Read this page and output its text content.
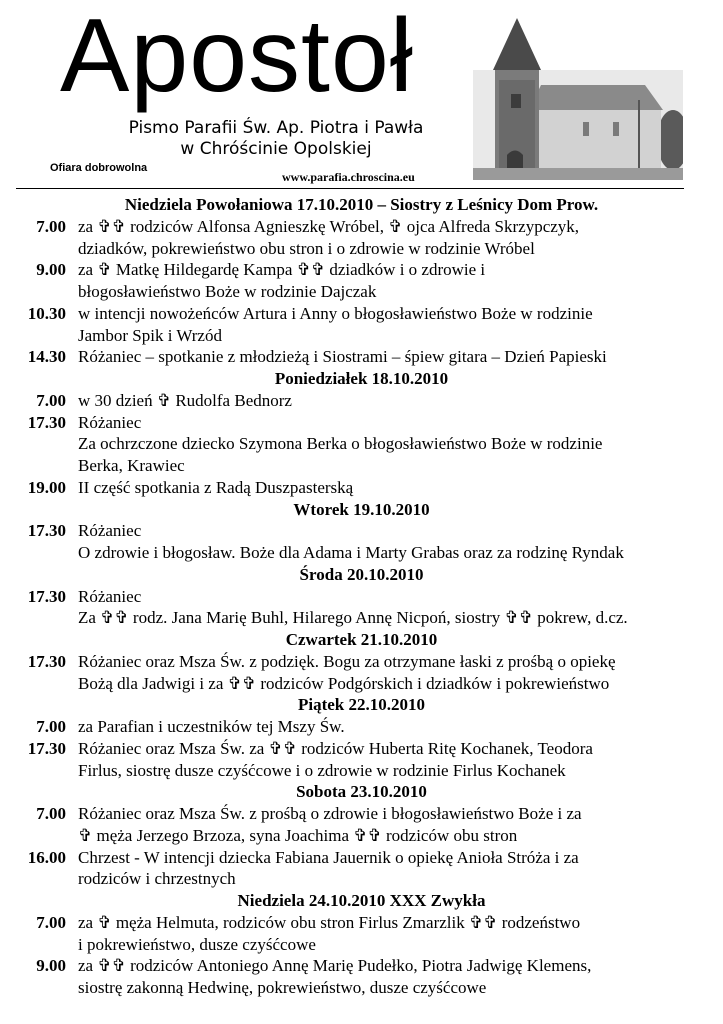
Apostoł
Pismo Parafii Św. Ap. Piotra i Pawła
w Chróścinie Opolskiej
Ofiara dobrowolna
www.parafia.chroscina.eu
Niedziela Powołaniowa 17.10.2010 – Siostry z Leśnicy Dom Prow.
7.00 za ✞✞ rodziców Alfonsa Agnieszkę Wróbel, ✞ ojca Alfreda Skrzypczyk,
dziadków, pokrewieństwo obu stron i o zdrowie w rodzinie Wróbel
9.00 za ✞ Matkę Hildegardę Kampa ✞✞ dziadków i o zdrowie i
błogosławieństwo Boże w rodzinie Dajczak
10.30 w intencji nowożeńców Artura i Anny o błogosławieństwo Boże w rodzinie
Jambor Spik i Wrzód
14.30 Różaniec – spotkanie z młodzieżą i Siostrami – śpiew gitara – Dzień Papieski
Poniedziałek 18.10.2010
7.00 w 30 dzień ✞ Rudolfa Bednorz
17.30 Różaniec
Za ochrzczone dziecko Szymona Berka o błogosławieństwo Boże w rodzinie
Berka, Krawiec
19.00 II część spotkania z Radą Duszpasterską
Wtorek 19.10.2010
17.30 Różaniec
O zdrowie i błogosław. Boże dla Adama i Marty Grabas oraz za rodzinę Ryndak
Środa 20.10.2010
17.30 Różaniec
Za ✞✞ rodz. Jana Marię Buhl, Hilarego Annę Nicpoń, siostry ✞✞ pokrew, d.cz.
Czwartek 21.10.2010
17.30 Różaniec oraz Msza Św. z podzięk. Bogu za otrzymane łaski z prośbą o opiekę
Bożą dla Jadwigi i za ✞✞ rodziców Podgórskich i dziadków i pokrewieństwo
Piątek 22.10.2010
7.00 za Parafian i uczestników tej Mszy Św.
17.30 Różaniec oraz Msza Św. za ✞✞ rodziców Huberta Ritę Kochanek, Teodora
Firlus, siostrę dusze czyśćcowe i o zdrowie w rodzinie Firlus Kochanek
Sobota 23.10.2010
7.00 Różaniec oraz Msza Św. z prośbą o zdrowie i błogosławieństwo Boże i za
✞ męża Jerzego Brzoza, syna Joachima ✞✞ rodziców obu stron
16.00 Chrzest - W intencji dziecka Fabiana Jauernik o opiekę Anioła Stróża i za
rodziców i chrzestnych
Niedziela 24.10.2010 XXX Zwykła
7.00 za ✞ męża Helmuta, rodziców obu stron Firlus Zmarzlik ✞✞ rodzeństwo
i pokrewieństwo, dusze czyśćcowe
9.00 za ✞✞ rodziców Antoniego Annę Marię Pudełko, Piotra Jadwigę Klemens,
siostrę zakonną Hedwinę, pokrewieństwo, dusze czyśćcowe
